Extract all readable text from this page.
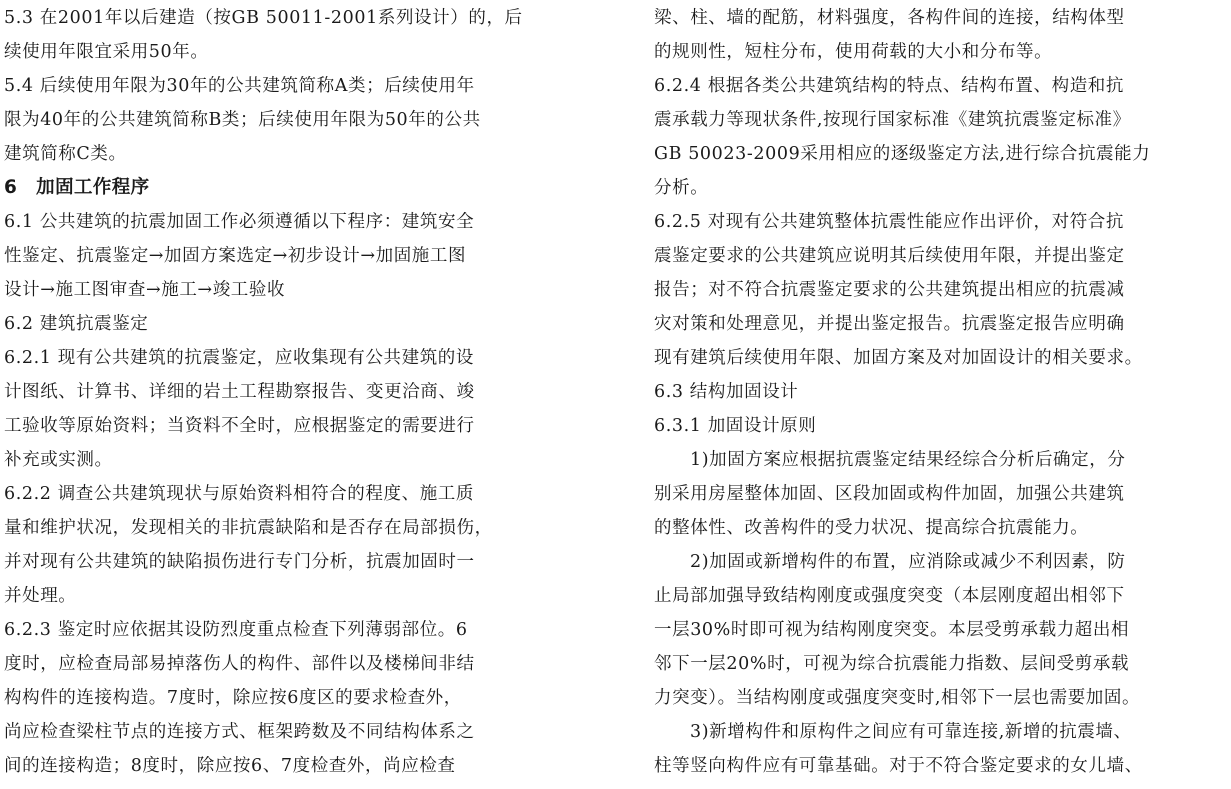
5.3 在2001年以后建造（按GB 50011-2001系列设计）的，后
续使用年限宜采用50年。
5.4 后续使用年限为30年的公共建筑简称A类；后续使用年
限为40年的公共建筑简称B类；后续使用年限为50年的公共
建筑简称C类。
6　加固工作程序
6.1 公共建筑的抗震加固工作必须遵循以下程序：建筑安全
性鉴定、抗震鉴定→加固方案选定→初步设计→加固施工图
设计→施工图审查→施工→竣工验收
6.2 建筑抗震鉴定
6.2.1 现有公共建筑的抗震鉴定，应收集现有公共建筑的设
计图纸、计算书、详细的岩土工程勘察报告、变更洽商、竣
工验收等原始资料；当资料不全时，应根据鉴定的需要进行
补充或实测。
6.2.2 调查公共建筑现状与原始资料相符合的程度、施工质
量和维护状况，发现相关的非抗震缺陷和是否存在局部损伤，
并对现有公共建筑的缺陷损伤进行专门分析，抗震加固时一
并处理。
6.2.3 鉴定时应依据其设防烈度重点检查下列薄弱部位。6
度时，应检查局部易掉落伤人的构件、部件以及楼梯间非结
构构件的连接构造。7度时，除应按6度区的要求检查外，
尚应检查梁柱节点的连接方式、框架跨数及不同结构体系之
间的连接构造；8度时，除应按6、7度检查外，尚应检查
梁、柱、墙的配筋，材料强度，各构件间的连接，结构体型
的规则性，短柱分布，使用荷载的大小和分布等。
6.2.4 根据各类公共建筑结构的特点、结构布置、构造和抗
震承载力等现状条件,按现行国家标准《建筑抗震鉴定标准》
GB 50023-2009采用相应的逐级鉴定方法,进行综合抗震能力
分析。
6.2.5 对现有公共建筑整体抗震性能应作出评价，对符合抗
震鉴定要求的公共建筑应说明其后续使用年限，并提出鉴定
报告；对不符合抗震鉴定要求的公共建筑提出相应的抗震减
灾对策和处理意见，并提出鉴定报告。抗震鉴定报告应明确
现有建筑后续使用年限、加固方案及对加固设计的相关要求。
6.3 结构加固设计
6.3.1 加固设计原则
1)加固方案应根据抗震鉴定结果经综合分析后确定，分
别采用房屋整体加固、区段加固或构件加固，加强公共建筑
的整体性、改善构件的受力状况、提高综合抗震能力。
2)加固或新增构件的布置，应消除或减少不利因素，防
止局部加强导致结构刚度或强度突变（本层刚度超出相邻下
一层30%时即可视为结构刚度突变。本层受剪承载力超出相
邻下一层20%时，可视为综合抗震能力指数、层间受剪承载
力突变）。当结构刚度或强度突变时,相邻下一层也需要加固。
3)新增构件和原构件之间应有可靠连接,新增的抗震墙、
柱等竖向构件应有可靠基础。对于不符合鉴定要求的女儿墙、
